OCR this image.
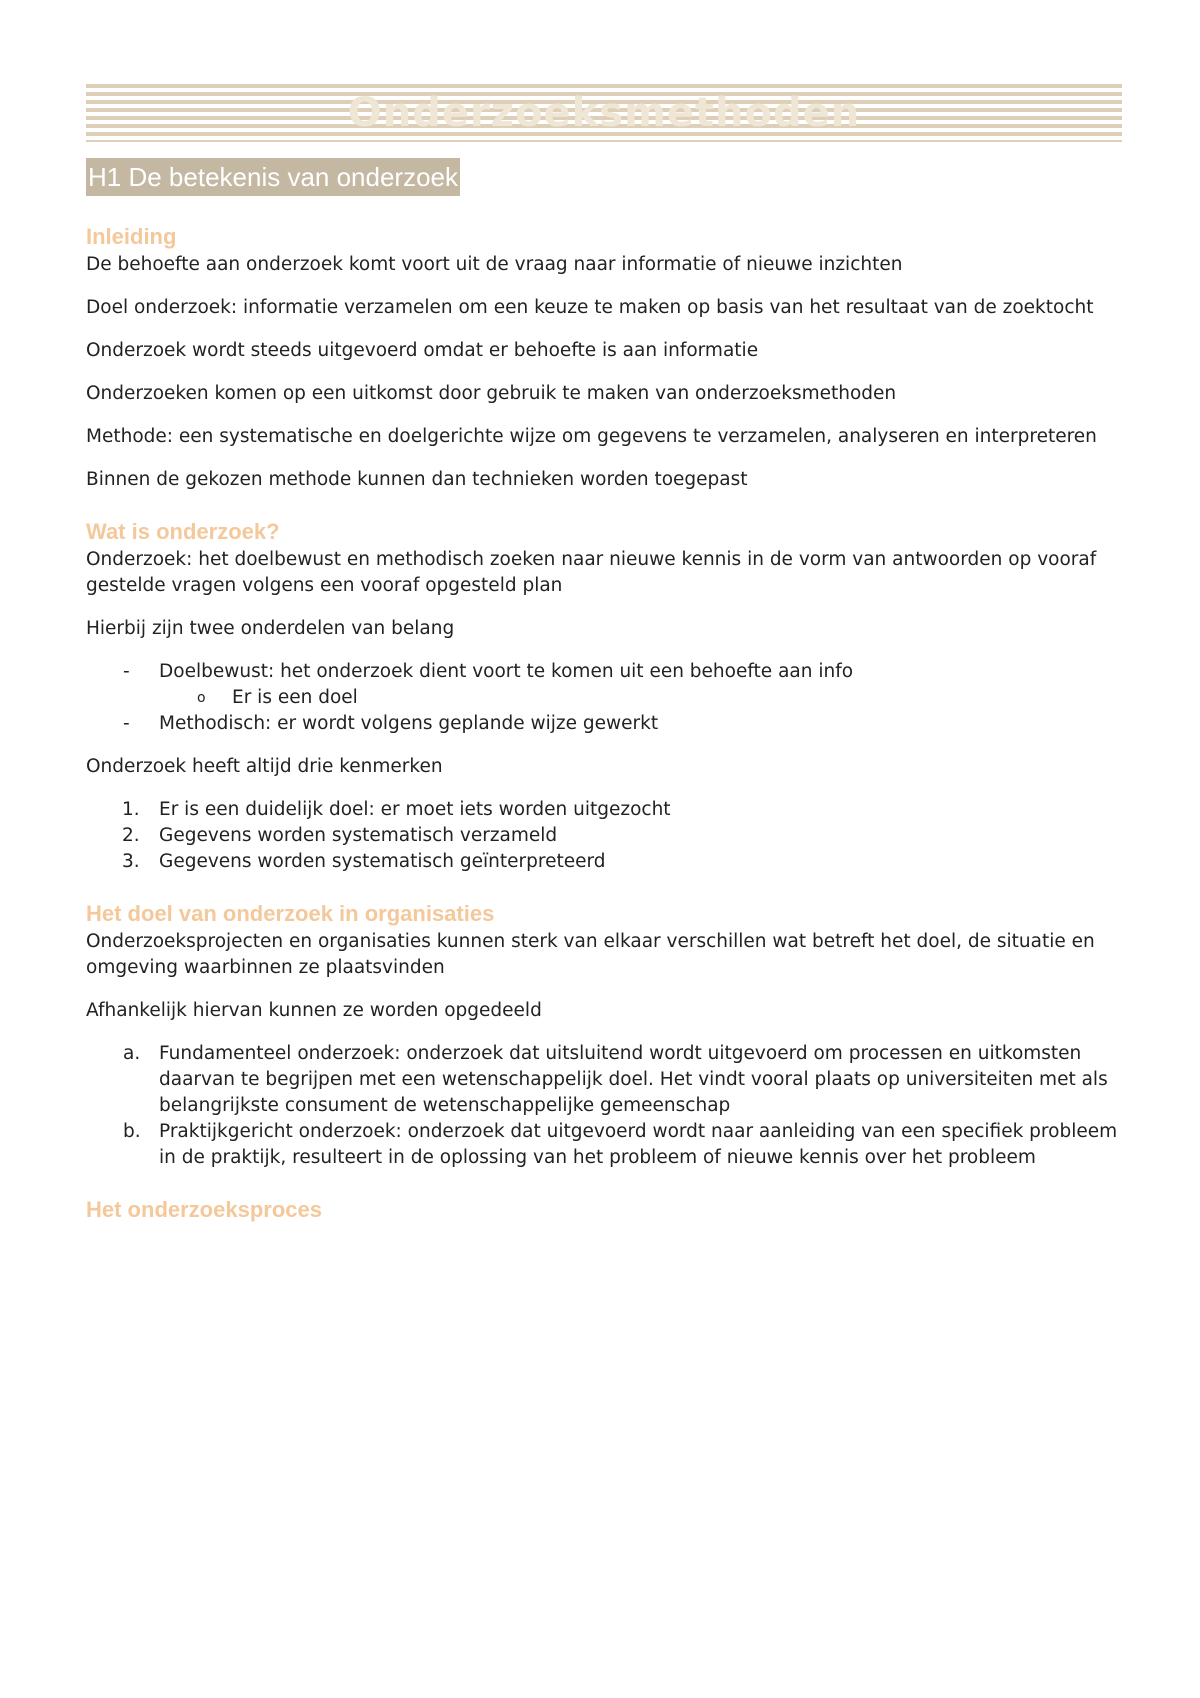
Onderzoeksmethoden
H1 De betekenis van onderzoek
Inleiding

De behoefte aan onderzoek komt voort uit de vraag naar informatie of nieuwe inzichten

Doel onderzoek: informatie verzamelen om een keuze te maken op basis van het resultaat van de zoektocht

Onderzoek wordt steeds uitgevoerd omdat er behoefte is aan informatie

Onderzoeken komen op een uitkomst door gebruik te maken van onderzoeksmethoden

Methode: een systematische en doelgerichte wijze om gegevens te verzamelen, analyseren en interpreteren

Binnen de gekozen methode kunnen dan technieken worden toegepast

Wat is onderzoek?

Onderzoek: het doelbewust en methodisch zoeken naar nieuwe kennis in de vorm van antwoorden op vooraf gestelde vragen volgens een vooraf opgesteld plan

Hierbij zijn twee onderdelen van belang

- Doelbewust: het onderzoek dient voort te komen uit een behoefte aan info
o Er is een doel
- Methodisch: er wordt volgens geplande wijze gewerkt

Onderzoek heeft altijd drie kenmerken

1. Er is een duidelijk doel: er moet iets worden uitgezocht
2. Gegevens worden systematisch verzameld
3. Gegevens worden systematisch geïnterpreteerd
Het doel van onderzoek in organisaties

Onderzoeksprojecten en organisaties kunnen sterk van elkaar verschillen wat betreft het doel, de situatie en omgeving waarbinnen ze plaatsvinden

Afhankelijk hiervan kunnen ze worden opgedeeld

a. Fundamenteel onderzoek: onderzoek dat uitsluitend wordt uitgevoerd om processen en uitkomsten daarvan te begrijpen met een wetenschappelijk doel. Het vindt vooral plaats op universiteiten met als belangrijkste consument de wetenschappelijke gemeenschap
b. Praktijkgericht onderzoek: onderzoek dat uitgevoerd wordt naar aanleiding van een specifiek probleem in de praktijk, resulteert in de oplossing van het probleem of nieuwe kennis over het probleem
Het onderzoeksproces
